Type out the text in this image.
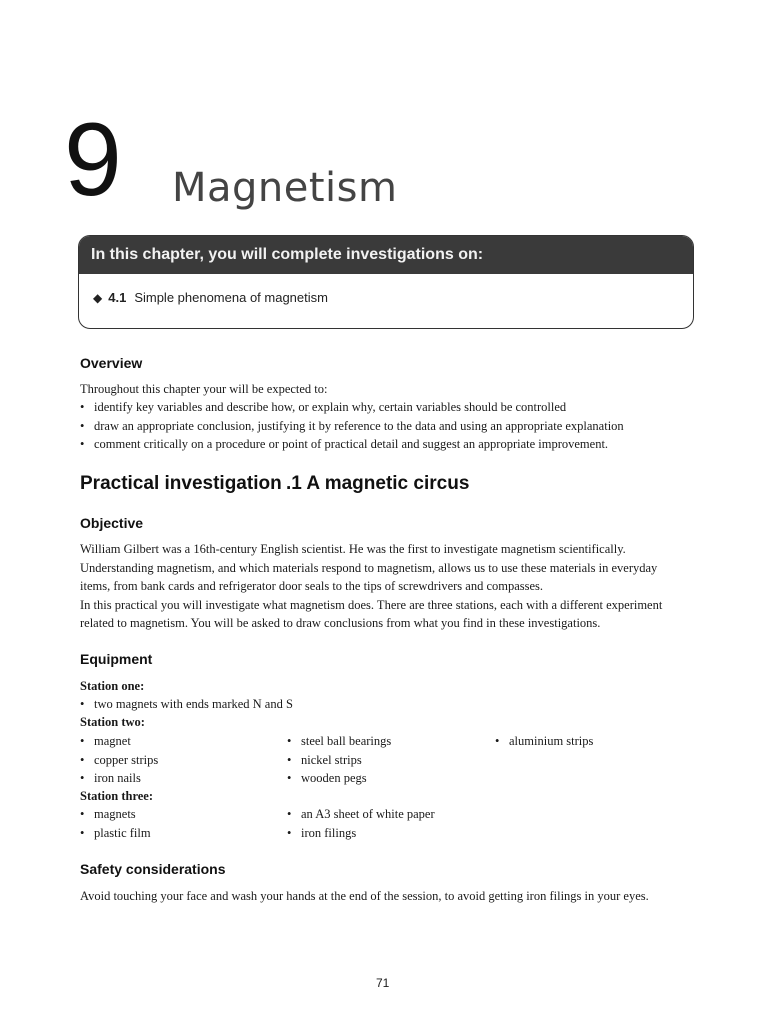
9 Magnetism
In this chapter, you will complete investigations on:
◆ 4.1 Simple phenomena of magnetism
Overview

Throughout this chapter your will be expected to:

• identify key variables and describe how, or explain why, certain variables should be controlled
• draw an appropriate conclusion, justifying it by reference to the data and using an appropriate explanation
• comment critically on a procedure or point of practical detail and suggest an appropriate improvement.
Practical investigation .1 A magnetic circus
Objective
William Gilbert was a 16th-century English scientist. He was the first to investigate magnetism scientifically.
Understanding magnetism, and which materials respond to magnetism, allows us to use these materials in everyday
items, from bank cards and refrigerator door seals to the tips of screwdrivers and compasses.
In this practical you will investigate what magnetism does. There are three stations, each with a different experiment
related to magnetism. You will be asked to draw conclusions from what you find in these investigations.
Equipment
Station one:
• two magnets with ends marked N and S
Station two:
• magnet
• copper strips
• iron nails
• steel ball bearings
• nickel strips
• wooden pegs
• aluminium strips
Station three:
• magnets
• plastic film
• an A3 sheet of white paper
• iron filings
Safety considerations

Avoid touching your face and wash your hands at the end of the session, to avoid getting iron filings in your eyes.

71
